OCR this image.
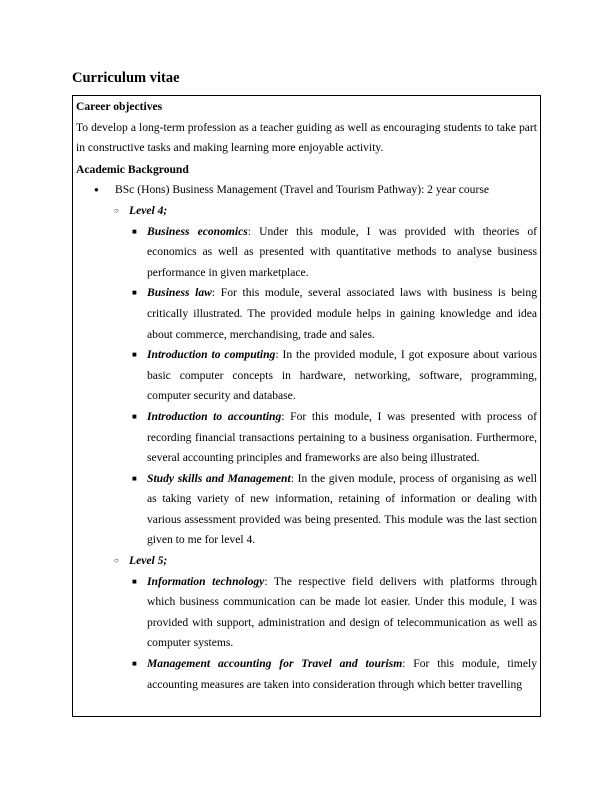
Curriculum vitae
Career objectives
To develop a long-term profession as a teacher guiding as well as encouraging students to take part in constructive tasks and making learning more enjoyable activity.
Academic Background
● BSc (Hons) Business Management (Travel and Tourism Pathway): 2 year course
○ Level 4;
■ Business economics: Under this module, I was provided with theories of economics as well as presented with quantitative methods to analyse business performance in given marketplace.
■ Business law: For this module, several associated laws with business is being critically illustrated. The provided module helps in gaining knowledge and idea about commerce, merchandising, trade and sales.
■ Introduction to computing: In the provided module, I got exposure about various basic computer concepts in hardware, networking, software, programming, computer security and database.
■ Introduction to accounting: For this module, I was presented with process of recording financial transactions pertaining to a business organisation. Furthermore, several accounting principles and frameworks are also being illustrated.
■ Study skills and Management: In the given module, process of organising as well as taking variety of new information, retaining of information or dealing with various assessment provided was being presented. This module was the last section given to me for level 4.
○ Level 5;
■ Information technology: The respective field delivers with platforms through which business communication can be made lot easier. Under this module, I was provided with support, administration and design of telecommunication as well as computer systems.
■ Management accounting for Travel and tourism: For this module, timely accounting measures are taken into consideration through which better travelling
